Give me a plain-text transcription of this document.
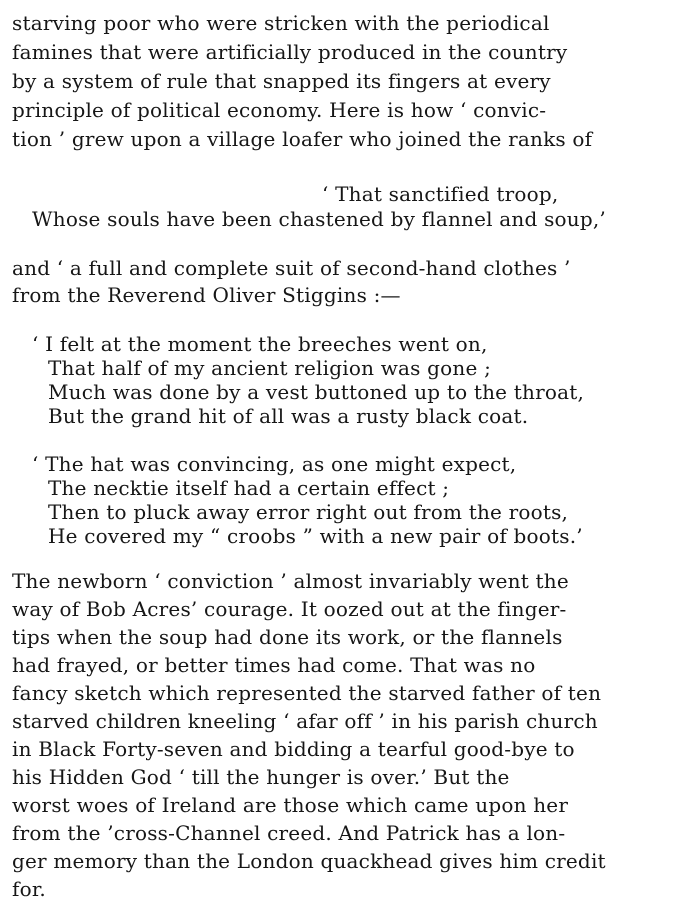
starving poor who were stricken with the periodical
famines that were artificially produced in the country
by a system of rule that snapped its fingers at every
principle of political economy. Here is how ‘ convic-
tion ’ grew upon a village loafer who joined the ranks of
‘ That sanctified troop,
Whose souls have been chastened by flannel and soup,’
and ‘ a full and complete suit of second-hand clothes ’
from the Reverend Oliver Stiggins :—
‘ I felt at the moment the breeches went on,
That half of my ancient religion was gone ;
Much was done by a vest buttoned up to the throat,
But the grand hit of all was a rusty black coat.
‘ The hat was convincing, as one might expect,
The necktie itself had a certain effect ;
Then to pluck away error right out from the roots,
He covered my “ croobs ” with a new pair of boots.’
The newborn ‘ conviction ’ almost invariably went the
way of Bob Acres’ courage. It oozed out at the finger-
tips when the soup had done its work, or the flannels
had frayed, or better times had come. That was no
fancy sketch which represented the starved father of ten
starved children kneeling ‘ afar off ’ in his parish church
in Black Forty-seven and bidding a tearful good-bye to
his Hidden God ‘ till the hunger is over.’ But the
worst woes of Ireland are those which came upon her
from the ’cross-Channel creed. And Patrick has a lon-
ger memory than the London quackhead gives him credit
for.
